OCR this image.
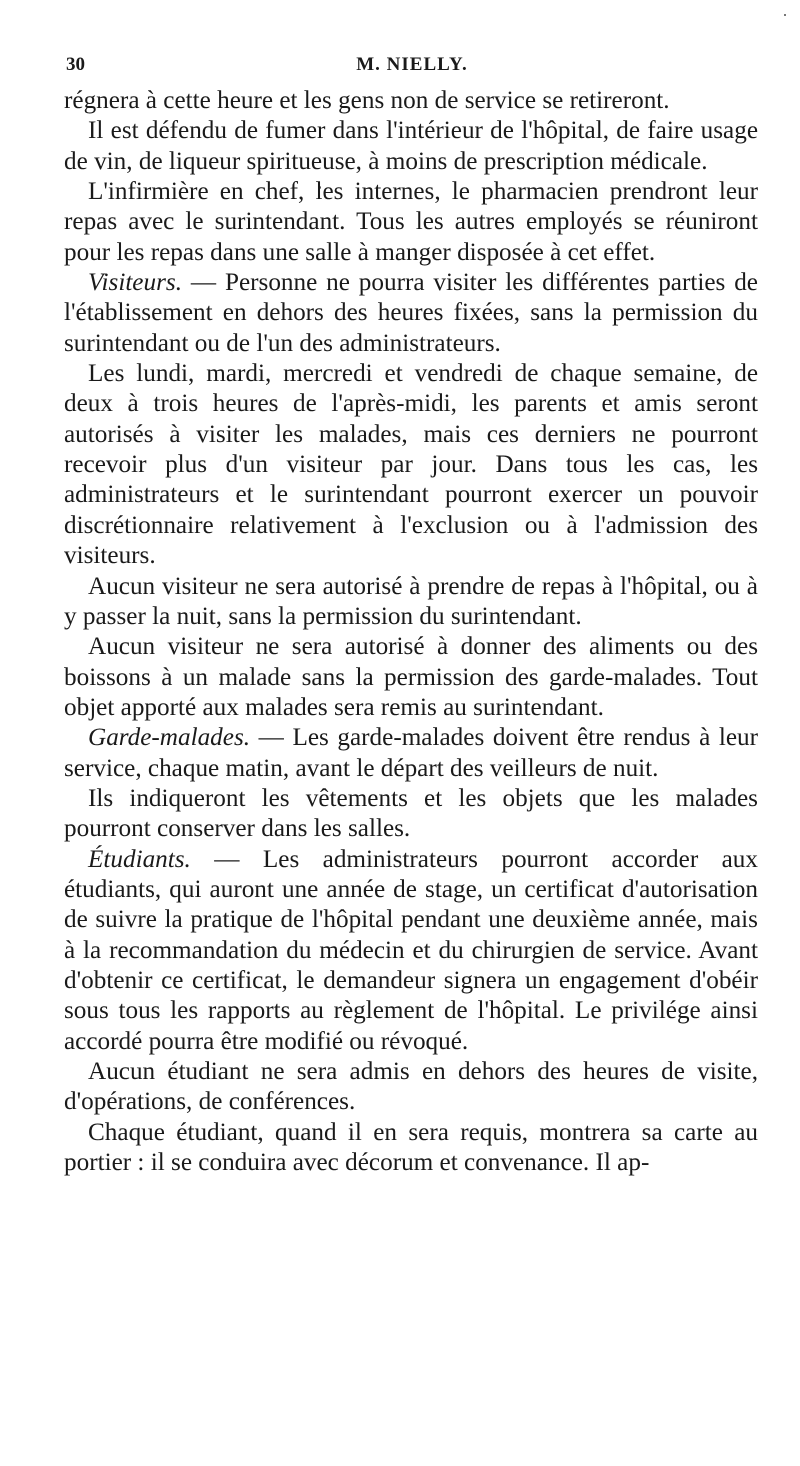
30	M. NIELLY.

régnera à cette heure et les gens non de service se retireront.

Il est défendu de fumer dans l'intérieur de l'hôpital, de faire usage de vin, de liqueur spiritueuse, à moins de prescription médicale.

L'infirmière en chef, les internes, le pharmacien prendront leur repas avec le surintendant. Tous les autres employés se réuniront pour les repas dans une salle à manger disposée à cet effet.

Visiteurs. — Personne ne pourra visiter les différentes parties de l'établissement en dehors des heures fixées, sans la permission du surintendant ou de l'un des administrateurs.

Les lundi, mardi, mercredi et vendredi de chaque semaine, de deux à trois heures de l'après-midi, les parents et amis seront autorisés à visiter les malades, mais ces derniers ne pourront recevoir plus d'un visiteur par jour. Dans tous les cas, les administrateurs et le surintendant pourront exercer un pouvoir discrétionnaire relativement à l'exclusion ou à l'admission des visiteurs.

Aucun visiteur ne sera autorisé à prendre de repas à l'hôpital, ou à y passer la nuit, sans la permission du surintendant.

Aucun visiteur ne sera autorisé à donner des aliments ou des boissons à un malade sans la permission des garde-malades. Tout objet apporté aux malades sera remis au surintendant.

Garde-malades. — Les garde-malades doivent être rendus à leur service, chaque matin, avant le départ des veilleurs de nuit.

Ils indiqueront les vêtements et les objets que les malades pourront conserver dans les salles.

Étudiants. — Les administrateurs pourront accorder aux étudiants, qui auront une année de stage, un certificat d'autorisation de suivre la pratique de l'hôpital pendant une deuxième année, mais à la recommandation du médecin et du chirurgien de service. Avant d'obtenir ce certificat, le demandeur signera un engagement d'obéir sous tous les rapports au règlement de l'hôpital. Le privilége ainsi accordé pourra être modifié ou révoqué.

Aucun étudiant ne sera admis en dehors des heures de visite, d'opérations, de conférences.

Chaque étudiant, quand il en sera requis, montrera sa carte au portier : il se conduira avec décorum et convenance. Il ap-
